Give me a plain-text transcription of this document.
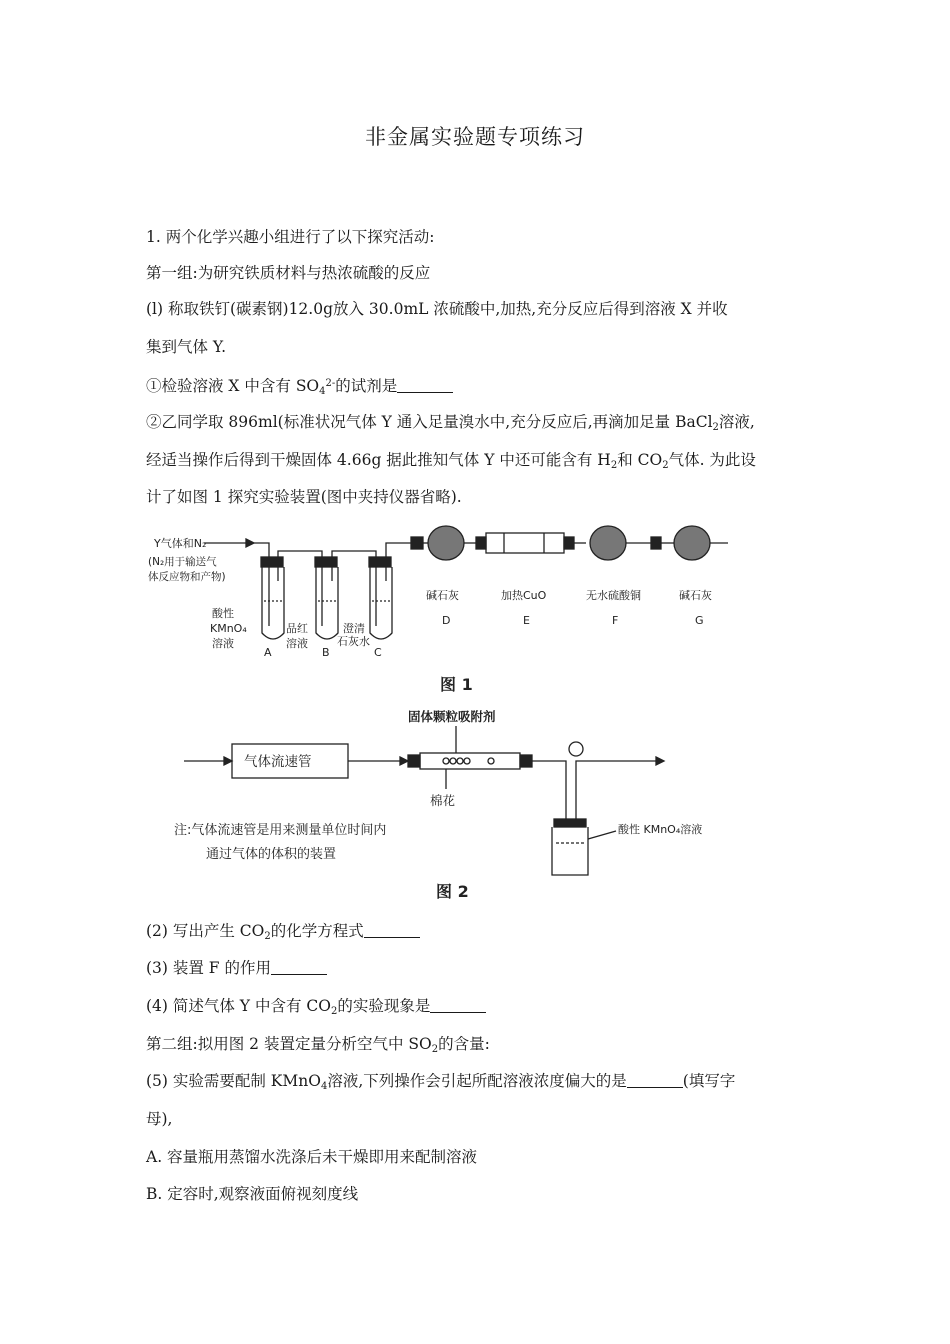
非金属实验题专项练习
1. 两个化学兴趣小组进行了以下探究活动:
第一组:为研究铁质材料与热浓硫酸的反应
(l) 称取铁钉(碳素钢)12.0g放入 30.0mL 浓硫酸中,加热,充分反应后得到溶液 X 并收
集到气体 Y.
①检验溶液 X 中含有 $SO_4^{2-}$的试剂是
②乙同学取 896ml(标准状况气体 Y 通入足量溴水中,充分反应后,再滴加足量 BaCl$_2$溶液,
经适当操作后得到干燥固体 4.66g 据此推知气体 Y 中还可能含有 $H_2$和 $CO_2$气体. 为此设
计了如图 1 探究实验装置(图中夹持仪器省略).
Y气体和N₂
(N₂用于输送气
体反应物和产物)
酸性
KMnO₄
溶液
A
品红
溶液
B
澄清
石灰水
C
碱石灰
D
加热CuO
E
无水硫酸铜
F
碱石灰
G
图 1
气体流速管
固体颗粒吸附剂
棉花
酸性 KMnO₄溶液
注:气体流速管是用来测量单位时间内
通过气体的体积的装置
图 2
(2) 写出产生 $CO_2$的化学方程式
(3) 装置 F 的作用
(4) 简述气体 Y 中含有 $CO_2$的实验现象是
第二组:拟用图 2 装置定量分析空气中 $SO_2$的含量:
(5) 实验需要配制 KMnO$_4$溶液,下列操作会引起所配溶液浓度偏大的是	(填写字
母),
A. 容量瓶用蒸馏水洗涤后未干燥即用来配制溶液
B. 定容时,观察液面俯视刻度线
